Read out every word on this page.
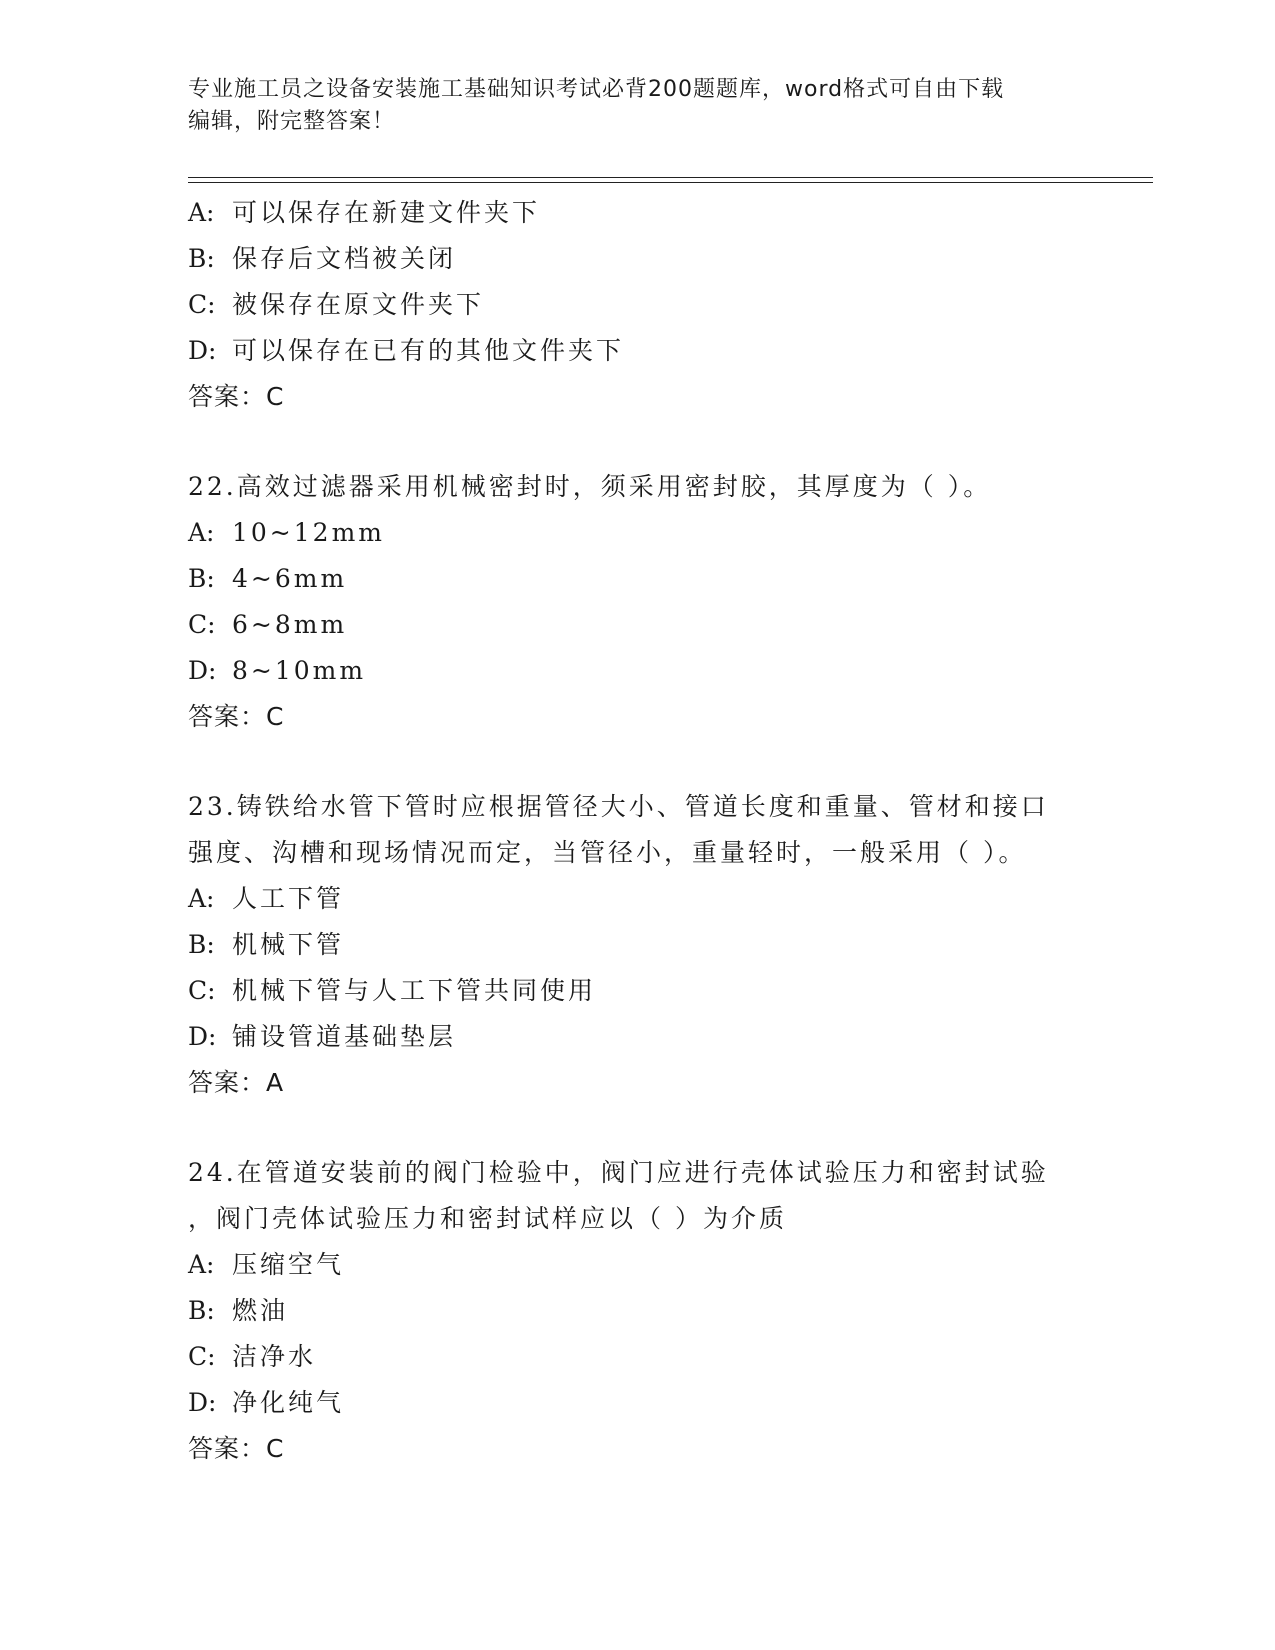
专业施工员之设备安装施工基础知识考试必背200题题库，word格式可自由下载
编辑，附完整答案！
A: 可以保存在新建文件夹下
B: 保存后文档被关闭
C: 被保存在原文件夹下
D: 可以保存在已有的其他文件夹下
答案：C
22.高效过滤器采用机械密封时，须采用密封胶，其厚度为（ ）。
A: 10~12mm
B: 4~6mm
C: 6~8mm
D: 8~10mm
答案：C
23.铸铁给水管下管时应根据管径大小、管道长度和重量、管材和接口
强度、沟槽和现场情况而定，当管径小，重量轻时，一般采用（ ）。
A: 人工下管
B: 机械下管
C: 机械下管与人工下管共同使用
D: 铺设管道基础垫层
答案：A
24.在管道安装前的阀门检验中，阀门应进行壳体试验压力和密封试验
，阀门壳体试验压力和密封试样应以（ ）为介质
A: 压缩空气
B: 燃油
C: 洁净水
D: 净化纯气
答案：C
